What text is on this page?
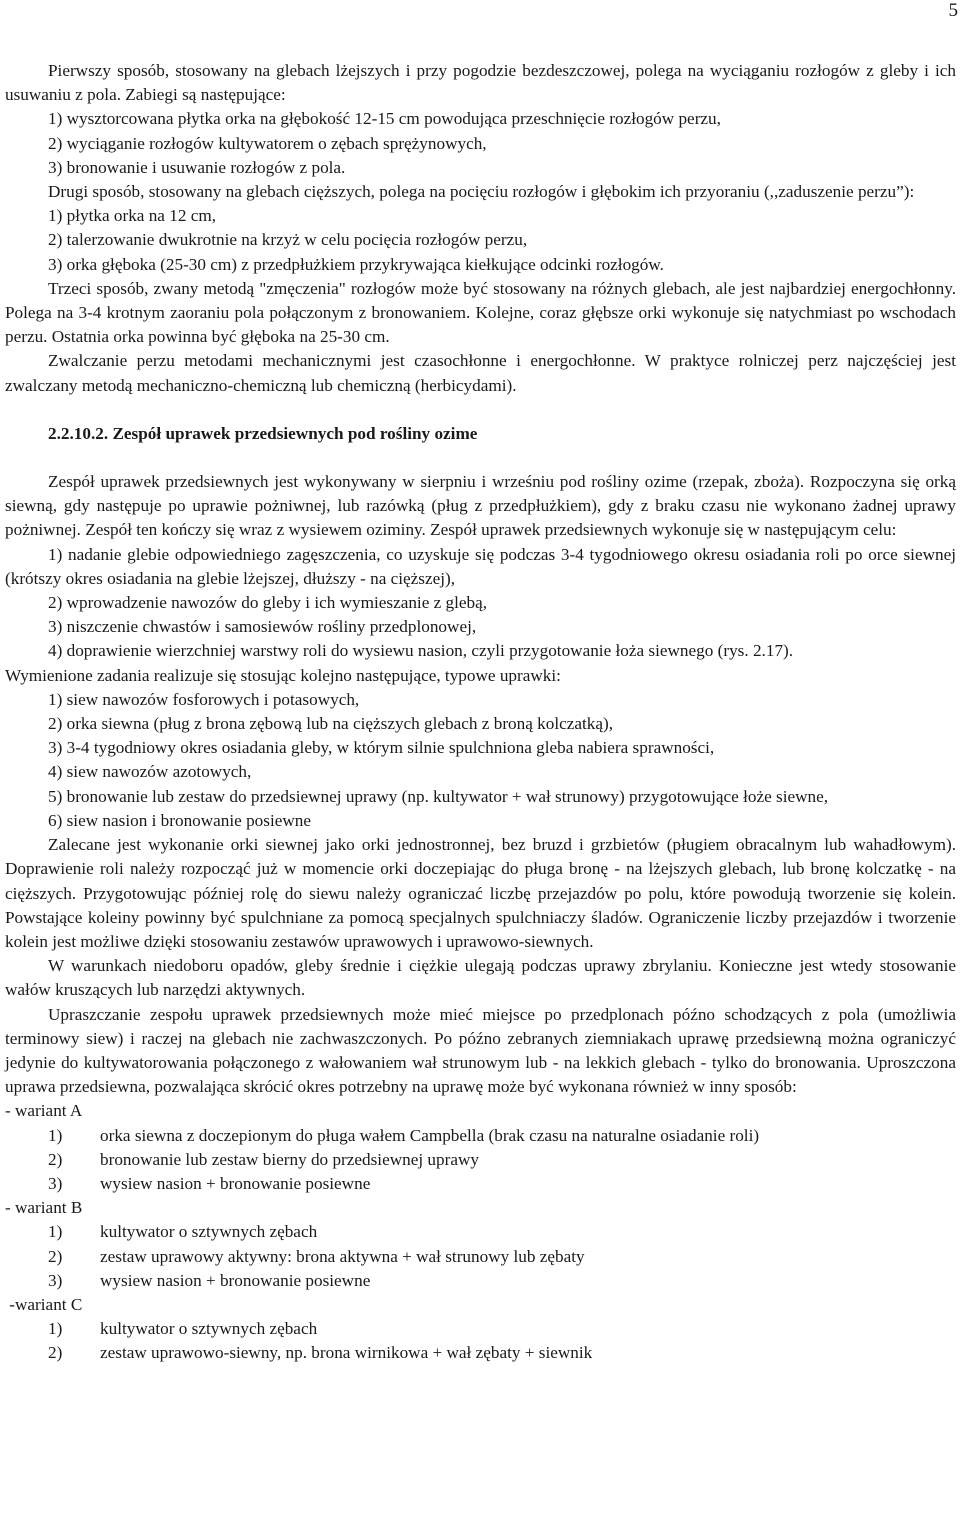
5

Pierwszy sposób, stosowany na glebach lżejszych i przy pogodzie bezdeszczowej, polega na wyciąganiu rozłogów z gleby i ich usuwaniu z pola. Zabiegi są następujące:

1) wysztorcowana płytka orka na głębokość 12-15 cm powodująca przeschnięcie rozłogów perzu,

2) wyciąganie rozłogów kultywatorem o zębach sprężynowych,

3) bronowanie i usuwanie rozłogów z pola.

Drugi sposób, stosowany na glebach cięższych, polega na pocięciu rozłogów i głębokim ich przyoraniu (,,zaduszenie perzu”):

1) płytka orka na 12 cm,

2) talerzowanie dwukrotnie na krzyż w celu pocięcia rozłogów perzu,

3) orka głęboka (25-30 cm) z przedpłużkiem przykrywająca kiełkujące odcinki rozłogów.

Trzeci sposób, zwany metodą "zmęczenia" rozłogów może być stosowany na różnych glebach, ale jest najbardziej energochłonny. Polega na 3-4 krotnym zaoraniu pola połączonym z bronowaniem. Kolejne, coraz głębsze orki wykonuje się natychmiast po wschodach perzu. Ostatnia orka powinna być głęboka na 25-30 cm.

Zwalczanie perzu metodami mechanicznymi jest czasochłonne i energochłonne. W praktyce rolniczej perz najczęściej jest zwalczany metodą mechaniczno-chemiczną lub chemiczną (herbicydami).

2.2.10.2. Zespół uprawek przedsiewnych pod rośliny ozime

Zespół uprawek przedsiewnych jest wykonywany w sierpniu i wrześniu pod rośliny ozime (rzepak, zboża). Rozpoczyna się orką siewną, gdy następuje po uprawie pożniwnej, lub razówką (pług z przedpłużkiem), gdy z braku czasu nie wykonano żadnej uprawy pożniwnej. Zespół ten kończy się wraz z wysiewem oziminy. Zespół uprawek przedsiewnych wykonuje się w następującym celu:

1) nadanie glebie odpowiedniego zagęszczenia, co uzyskuje się podczas 3-4 tygodniowego okresu osiadania roli po orce siewnej (krótszy okres osiadania na glebie lżejszej, dłuższy - na cięższej),

2) wprowadzenie nawozów do gleby i ich wymieszanie z glebą,

3) niszczenie chwastów i samosiewów rośliny przedplonowej,

4) doprawienie wierzchniej warstwy roli do wysiewu nasion, czyli przygotowanie łoża siewnego (rys. 2.17).

Wymienione zadania realizuje się stosując kolejno następujące, typowe uprawki:

1) siew nawozów fosforowych i potasowych,

2) orka siewna (pług z brona zębową lub na cięższych glebach z broną kolczatką),

3) 3-4 tygodniowy okres osiadania gleby, w którym silnie spulchniona gleba nabiera sprawności,

4) siew nawozów azotowych,

5) bronowanie lub zestaw do przedsiewnej uprawy (np. kultywator + wał strunowy) przygotowujące łoże siewne,

6) siew nasion i bronowanie posiewne

Zalecane jest wykonanie orki siewnej jako orki jednostronnej, bez bruzd i grzbietów (pługiem obracalnym lub wahadłowym). Doprawienie roli należy rozpocząć już w momencie orki doczepiając do pługa bronę - na lżejszych glebach, lub bronę kolczatkę - na cięższych. Przygotowując później rolę do siewu należy ograniczać liczbę przejazdów po polu, które powodują tworzenie się kolein. Powstające koleiny powinny być spulchniane za pomocą specjalnych spulchniaczy śladów. Ograniczenie liczby przejazdów i tworzenie kolein jest możliwe dzięki stosowaniu zestawów uprawowych i uprawowo-siewnych.

W warunkach niedoboru opadów, gleby średnie i ciężkie ulegają podczas uprawy zbrylaniu. Konieczne jest wtedy stosowanie wałów kruszących lub narzędzi aktywnych.

Upraszczanie zespołu uprawek przedsiewnych może mieć miejsce po przedplonach późno schodzących z pola (umożliwia terminowy siew) i raczej na glebach nie zachwaszczonych. Po późno zebranych ziemniakach uprawę przedsiewną można ograniczyć jedynie do kultywatorowania połączonego z wałowaniem wał strunowym lub - na lekkich glebach - tylko do bronowania. Uproszczona uprawa przedsiewna, pozwalająca skrócić okres potrzebny na uprawę może być wykonana również w inny sposób:

- wariant A

1) orka siewna z doczepionym do pługa wałem Campbella (brak czasu na naturalne osiadanie roli)

2) bronowanie lub zestaw bierny do przedsiewnej uprawy

3) wysiew nasion + bronowanie posiewne

- wariant B

1) kultywator o sztywnych zębach

2) zestaw uprawowy aktywny: brona aktywna + wał strunowy lub zębaty

3) wysiew nasion + bronowanie posiewne

-wariant C

1) kultywator o sztywnych zębach

2) zestaw uprawowo-siewny, np. brona wirnikowa + wał zębaty + siewnik
